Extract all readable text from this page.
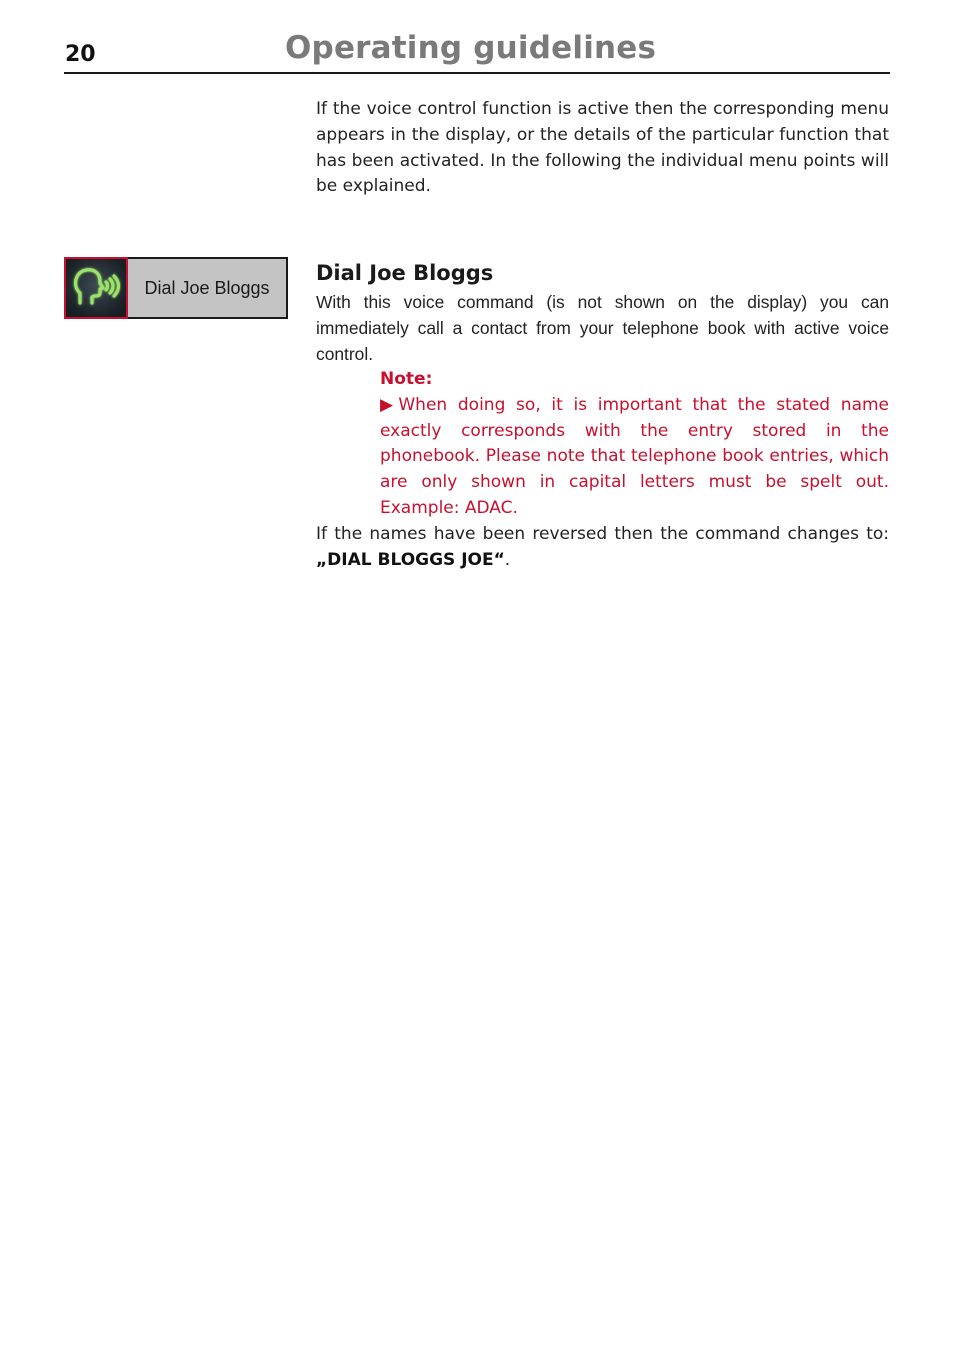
20	Operating guidelines
If the voice control function is active then the corresponding menu appears in the display, or the details of the particular function that has been activated. In the following the individual menu points will be explained.
Dial Joe Bloggs
Dial Joe Bloggs
With this voice command (is not shown on the display) you can immediately call a contact from your telephone book with active voice control.
Note:
▶When doing so, it is important that the stated name exactly corresponds with the entry stored in the phonebook. Please note that telephone book entries, which are only shown in capital letters must be spelt out. Example: ADAC.
If the names have been reversed then the command changes to: „DIAL BLOGGS JOE“.
